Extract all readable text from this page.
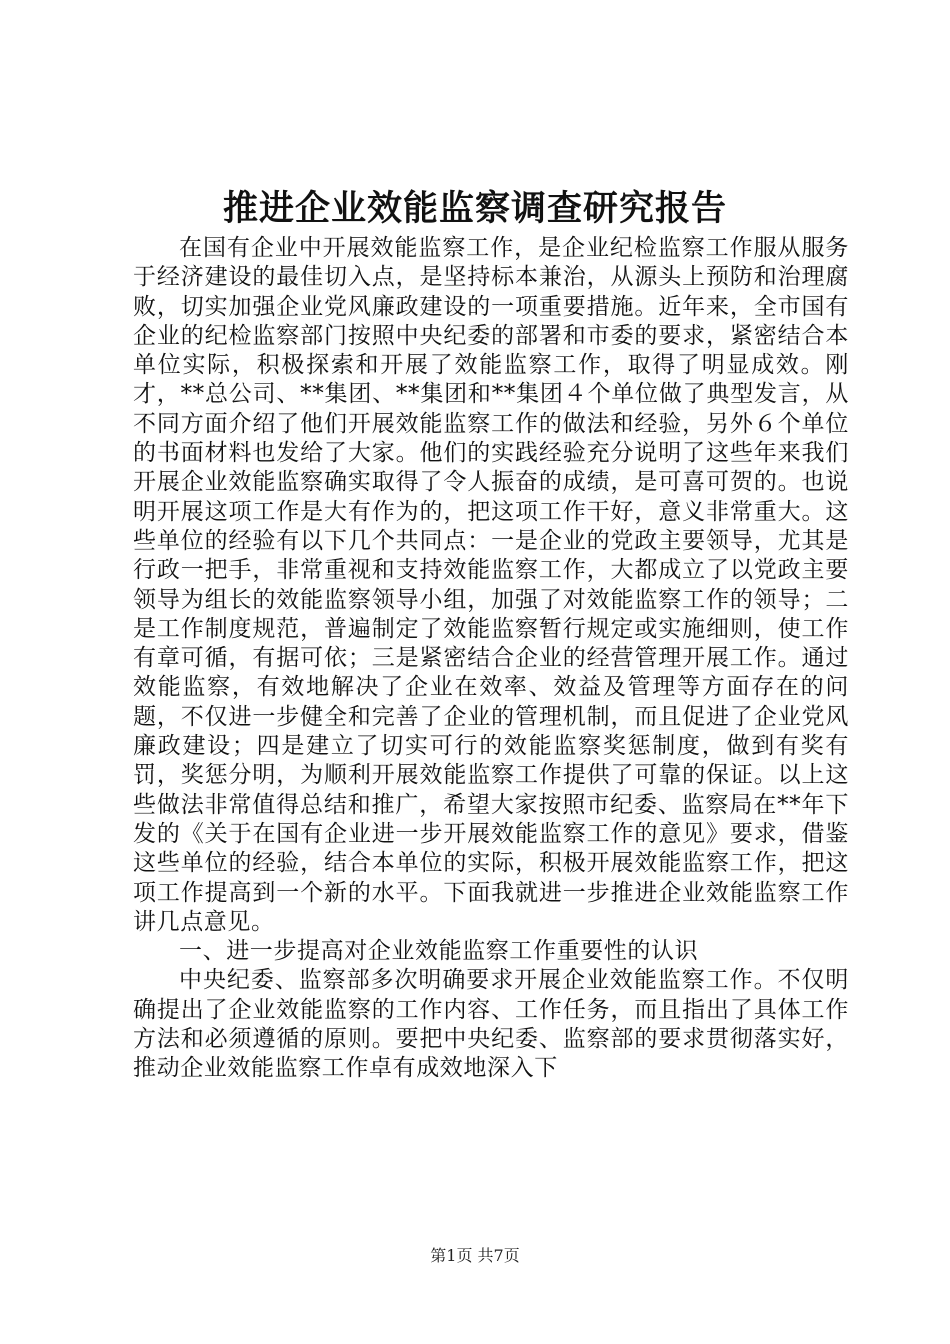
推进企业效能监察调查研究报告

在国有企业中开展效能监察工作，是企业纪检监察工作服从服务于经济建设的最佳切入点，是坚持标本兼治，从源头上预防和治理腐败，切实加强企业党风廉政建设的一项重要措施。近年来，全市国有企业的纪检监察部门按照中央纪委的部署和市委的要求，紧密结合本单位实际，积极探索和开展了效能监察工作，取得了明显成效。刚才，**总公司、**集团、**集团和**集团４个单位做了典型发言，从不同方面介绍了他们开展效能监察工作的做法和经验，另外６个单位的书面材料也发给了大家。他们的实践经验充分说明了这些年来我们开展企业效能监察确实取得了令人振奋的成绩，是可喜可贺的。也说明开展这项工作是大有作为的，把这项工作干好，意义非常重大。这些单位的经验有以下几个共同点：一是企业的党政主要领导，尤其是行政一把手，非常重视和支持效能监察工作，大都成立了以党政主要领导为组长的效能监察领导小组，加强了对效能监察工作的领导；二是工作制度规范，普遍制定了效能监察暂行规定或实施细则，使工作有章可循，有据可依；三是紧密结合企业的经营管理开展工作。通过效能监察，有效地解决了企业在效率、效益及管理等方面存在的问题，不仅进一步健全和完善了企业的管理机制，而且促进了企业党风廉政建设；四是建立了切实可行的效能监察奖惩制度，做到有奖有罚，奖惩分明，为顺利开展效能监察工作提供了可靠的保证。以上这些做法非常值得总结和推广，希望大家按照市纪委、监察局在**年下发的《关于在国有企业进一步开展效能监察工作的意见》要求，借鉴这些单位的经验，结合本单位的实际，积极开展效能监察工作，把这项工作提高到一个新的水平。下面我就进一步推进企业效能监察工作讲几点意见。

一、进一步提高对企业效能监察工作重要性的认识

中央纪委、监察部多次明确要求开展企业效能监察工作。不仅明确提出了企业效能监察的工作内容、工作任务，而且指出了具体工作方法和必须遵循的原则。要把中央纪委、监察部的要求贯彻落实好，推动企业效能监察工作卓有成效地深入下

第1页 共7页
